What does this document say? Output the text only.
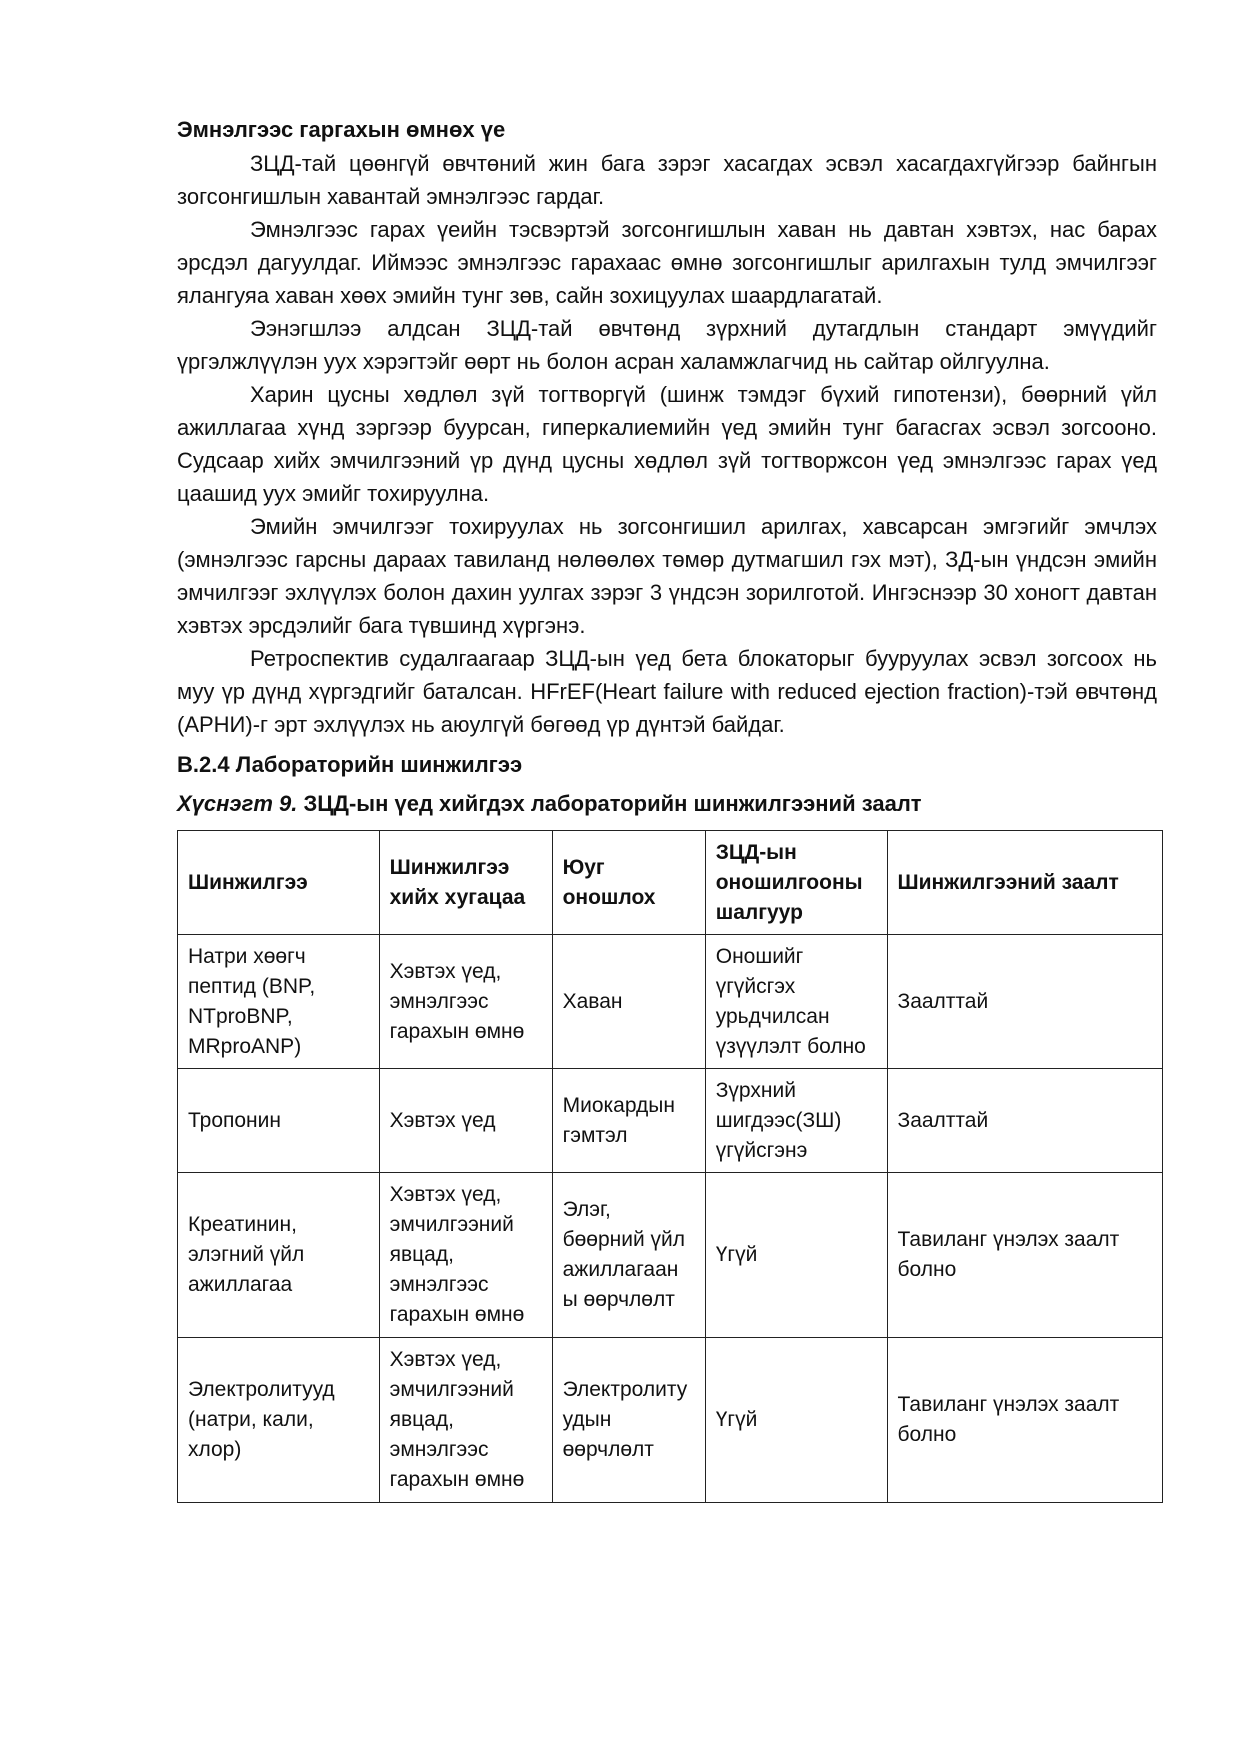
Эмнэлгээс гаргахын өмнөх үе

ЗЦД-тай цөөнгүй өвчтөний жин бага зэрэг хасагдах эсвэл хасагдахгүйгээр байнгын зогсонгишлын хавантай эмнэлгээс гардаг.

Эмнэлгээс гарах үеийн тэсвэртэй зогсонгишлын хаван нь давтан хэвтэх, нас барах эрсдэл дагуулдаг. Иймээс эмнэлгээс гарахаас өмнө зогсонгишлыг арилгахын тулд эмчилгээг ялангуяа хаван хөөх эмийн тунг зөв, сайн зохицуулах шаардлагатай.

Ээнэгшлээ алдсан ЗЦД-тай өвчтөнд зүрхний дутагдлын стандарт эмүүдийг үргэлжлүүлэн уух хэрэгтэйг өөрт нь болон асран халамжлагчид нь сайтар ойлгуулна.

Харин цусны хөдлөл зүй тогтворгүй (шинж тэмдэг бүхий гипотензи), бөөрний үйл ажиллагаа хүнд зэргээр буурсан, гиперкалиемийн үед эмийн тунг багасгах эсвэл зогсооно. Судсаар хийх эмчилгээний үр дүнд цусны хөдлөл зүй тогтворжсон үед эмнэлгээс гарах үед цаашид уух эмийг тохируулна.

Эмийн эмчилгээг тохируулах нь зогсонгишил арилгах, хавсарсан эмгэгийг эмчлэх (эмнэлгээс гарсны дараах тавиланд нөлөөлөх төмөр дутмагшил гэх мэт), ЗД-ын үндсэн эмийн эмчилгээг эхлүүлэх болон дахин уулгах зэрэг 3 үндсэн зорилготой. Ингэснээр 30 хоногт давтан хэвтэх эрсдэлийг бага түвшинд хүргэнэ.

Ретроспектив судалгаагаар ЗЦД-ын үед бета блокаторыг бууруулах эсвэл зогсоох нь муу үр дүнд хүргэдгийг баталсан. HFrEF(Heart failure with reduced ejection fraction)-тэй өвчтөнд (АРНИ)-г эрт эхлүүлэх нь аюулгүй бөгөөд үр дүнтэй байдаг.

В.2.4 Лабораторийн шинжилгээ
Хүснэгт 9. ЗЦД-ын үед хийгдэх лабораторийн шинжилгээний заалт
Шинжилгээ	Шинжилгээ хийх хугацаа	Юуг оношлох	ЗЦД-ын оношилгооны шалгуур	Шинжилгээний заалт
Натри хөөгч пептид (BNP, NTproBNP, MRproANP)	Хэвтэх үед, эмнэлгээс гарахын өмнө	Хаван	Оношийг үгүйсгэх урьдчилсан үзүүлэлт болно	Заалттай
Тропонин	Хэвтэх үед	Миокардын гэмтэл	Зүрхний шигдээс(ЗШ) үгүйсгэнэ	Заалттай
Креатинин, элэгний үйл ажиллагаа	Хэвтэх үед, эмчилгээний явцад, эмнэлгээс гарахын өмнө	Элэг, бөөрний үйл ажиллагаан ы өөрчлөлт	Үгүй	Тавиланг үнэлэх заалт болно
Электролитууд (натри, кали, хлор)	Хэвтэх үед, эмчилгээний явцад, эмнэлгээс гарахын өмнө	Электролиту удын өөрчлөлт	Үгүй	Тавиланг үнэлэх заалт болно
